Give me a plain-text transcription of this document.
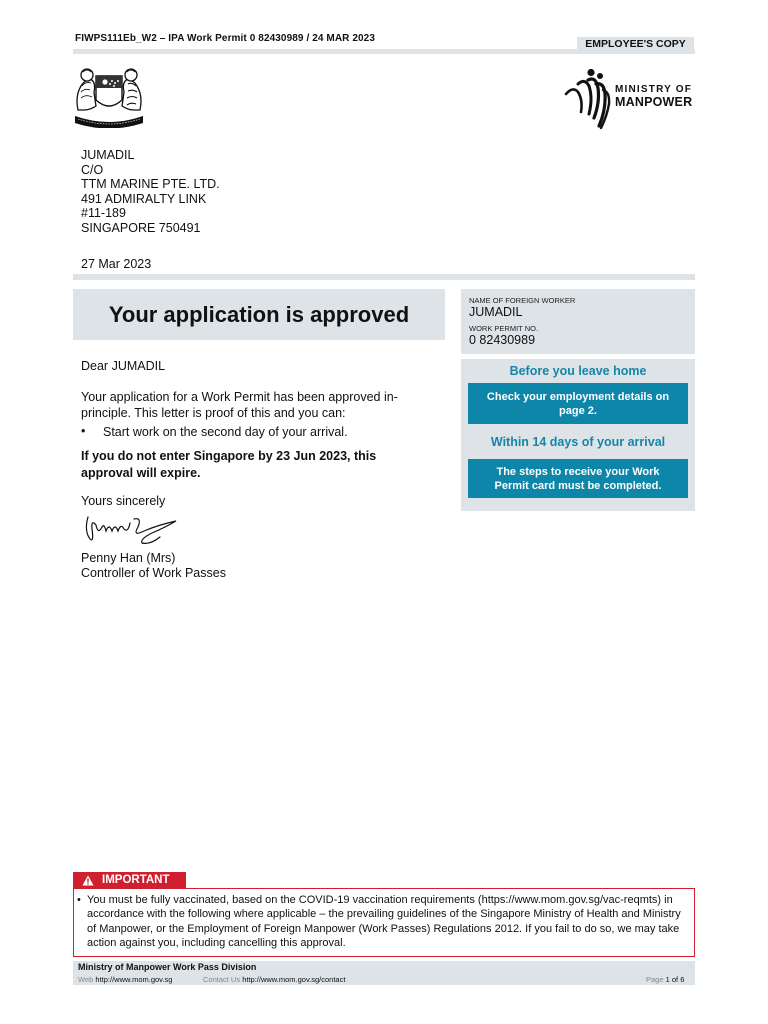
FIWPS111Eb_W2 – IPA Work Permit 0 82430989 / 24 MAR 2023	EMPLOYEE'S COPY
MINISTRY OF
MANPOWER
JUMADIL
C/O
TTM MARINE PTE. LTD.
491 ADMIRALTY LINK
#11-189
SINGAPORE 750491
27 Mar 2023
Your application is approved
Dear JUMADIL
Your application for a Work Permit has been approved in-principle. This letter is proof of this and you can:
• Start work on the second day of your arrival.
If you do not enter Singapore by 23 Jun 2023, this approval will expire.
Yours sincerely
Penny Han (Mrs)
Controller of Work Passes
NAME OF FOREIGN WORKER
JUMADIL
WORK PERMIT NO.
0 82430989
Before you leave home
Check your employment details on page 2.
Within 14 days of your arrival
The steps to receive your Work Permit card must be completed.
IMPORTANT
• You must be fully vaccinated, based on the COVID-19 vaccination requirements (https://www.mom.gov.sg/vac-reqmts) in accordance with the following where applicable – the prevailing guidelines of the Singapore Ministry of Health and Ministry of Manpower, or the Employment of Foreign Manpower (Work Passes) Regulations 2012. If you fail to do so, we may take action against you, including cancelling this approval.
Ministry of Manpower Work Pass Division
Web http://www.mom.gov.sg	Contact Us http://www.mom.gov.sg/contact	Page 1 of 6
